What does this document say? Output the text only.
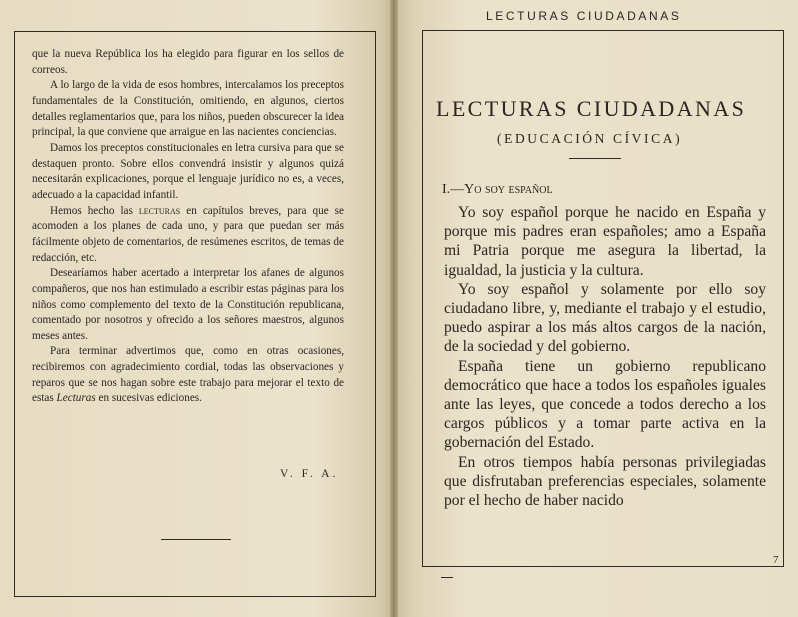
que la nueva República los ha elegido para figurar en los sellos de correos.

A lo largo de la vida de esos hombres, intercalamos los preceptos fundamentales de la Constitución, omitiendo, en algunos, ciertos detalles reglamentarios que, para los niños, pueden obscurecer la idea principal, la que conviene que arraigue en las nacientes conciencias.

Damos los preceptos constitucionales en letra cursiva para que se destaquen pronto. Sobre ellos convendrá insistir y algunos quizá necesitarán explicaciones, porque el lenguaje jurídico no es, a veces, adecuado a la capacidad infantil.

Hemos hecho las lecturas en capítulos breves, para que se acomoden a los planes de cada uno, y para que puedan ser más fácilmente objeto de comentarios, de resúmenes escritos, de temas de redacción, etc.

Desearíamos haber acertado a interpretar los afanes de algunos compañeros, que nos han estimulado a escribir estas páginas para los niños como complemento del texto de la Constitución republicana, comentado por nosotros y ofrecido a los señores maestros, algunos meses antes.

Para terminar advertimos que, como en otras ocasiones, recibiremos con agradecimiento cordial, todas las observaciones y reparos que se nos hagan sobre este trabajo para mejorar el texto de estas Lecturas en sucesivas ediciones.

V. F. A.
LECTURAS CIUDADANAS
LECTURAS CIUDADANAS
(EDUCACIÓN CÍVICA)
I.—Yo soy español

Yo soy español porque he nacido en España y porque mis padres eran españoles; amo a España mi Patria porque me asegura la libertad, la igualdad, la justicia y la cultura.

Yo soy español y solamente por ello soy ciudadano libre, y, mediante el trabajo y el estudio, puedo aspirar a los más altos cargos de la nación, de la sociedad y del gobierno.

España tiene un gobierno republicano democrático que hace a todos los españoles iguales ante las leyes, que concede a todos derecho a los cargos públicos y a tomar parte activa en la gobernación del Estado.

En otros tiempos había personas privilegiadas que disfrutaban preferencias especiales, solamente por el hecho de haber nacido

7
